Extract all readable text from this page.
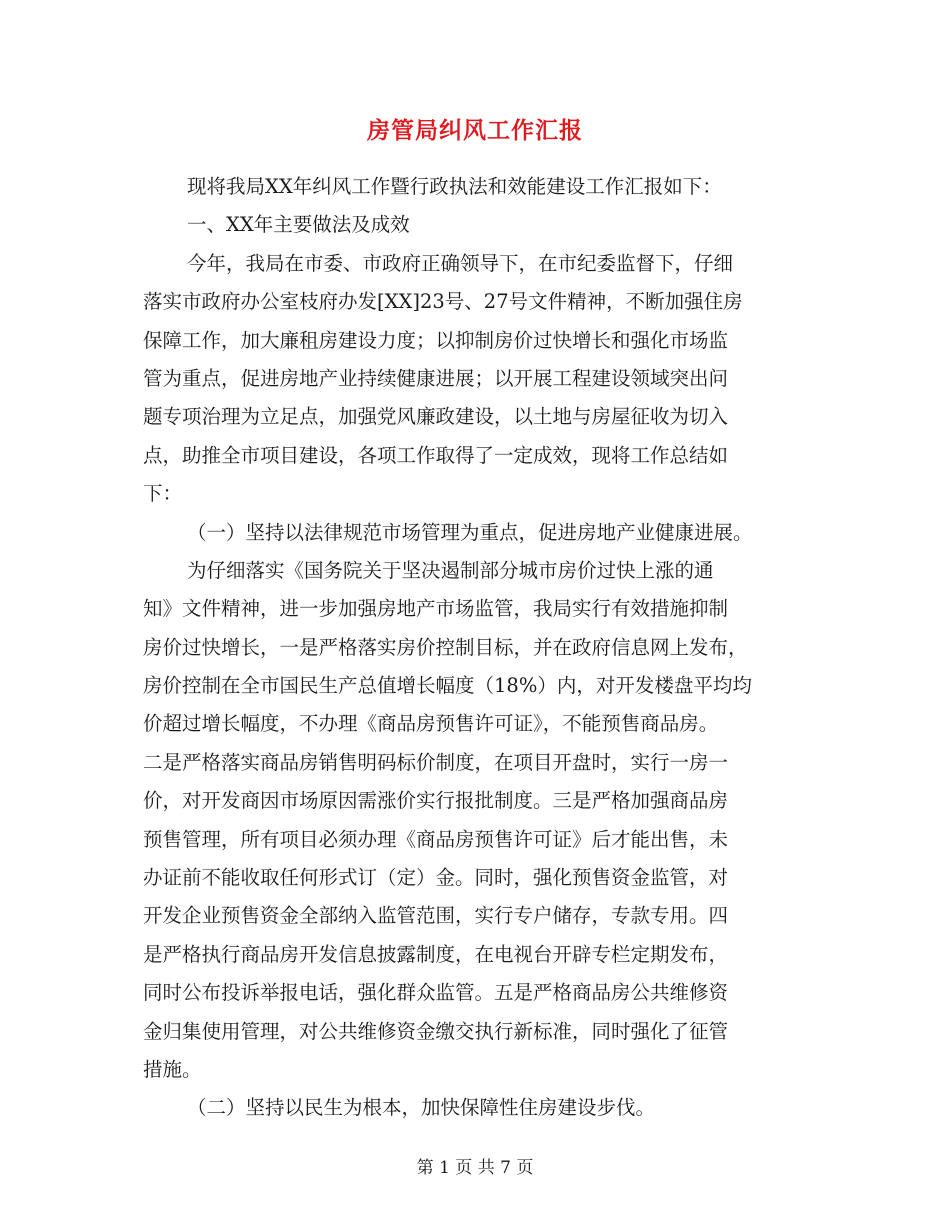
房管局纠风工作汇报
现将我局XX年纠风工作暨行政执法和效能建设工作汇报如下：
一、XX年主要做法及成效
今年，我局在市委、市政府正确领导下，在市纪委监督下，仔细
落实市政府办公室枝府办发[XX]23号、27号文件精神，不断加强住房
保障工作，加大廉租房建设力度；以抑制房价过快增长和强化市场监
管为重点，促进房地产业持续健康进展；以开展工程建设领域突出问
题专项治理为立足点，加强党风廉政建设，以土地与房屋征收为切入
点，助推全市项目建设，各项工作取得了一定成效，现将工作总结如
下：
（一）坚持以法律规范市场管理为重点，促进房地产业健康进展。
为仔细落实《国务院关于坚决遏制部分城市房价过快上涨的通
知》文件精神，进一步加强房地产市场监管，我局实行有效措施抑制
房价过快增长，一是严格落实房价控制目标，并在政府信息网上发布，
房价控制在全市国民生产总值增长幅度（18%）内，对开发楼盘平均均
价超过增长幅度，不办理《商品房预售许可证》，不能预售商品房。
二是严格落实商品房销售明码标价制度，在项目开盘时，实行一房一
价，对开发商因市场原因需涨价实行报批制度。三是严格加强商品房
预售管理，所有项目必须办理《商品房预售许可证》后才能出售，未
办证前不能收取任何形式订（定）金。同时，强化预售资金监管，对
开发企业预售资金全部纳入监管范围，实行专户储存，专款专用。四
是严格执行商品房开发信息披露制度，在电视台开辟专栏定期发布，
同时公布投诉举报电话，强化群众监管。五是严格商品房公共维修资
金归集使用管理，对公共维修资金缴交执行新标准，同时强化了征管
措施。
（二）坚持以民生为根本，加快保障性住房建设步伐。
第 1 页 共 7 页
